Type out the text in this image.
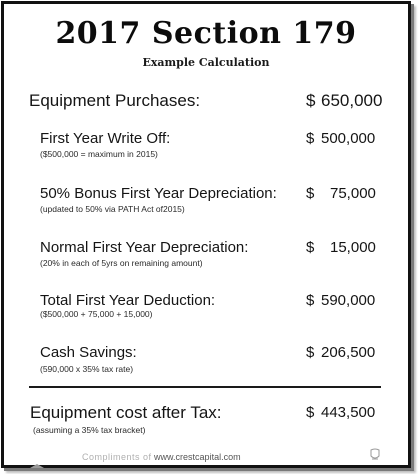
2017 Section 179
Example Calculation
Equipment Purchases:	$ 650,000
First Year Write Off:
($500,000 = maximum in 2015)
$ 500,000
50% Bonus First Year Depreciation:
(updated to 50% via PATH Act of2015)
$ 75,000
Normal First Year Depreciation:
(20% in each of 5yrs on remaining amount)
$ 15,000
Total First Year Deduction:
($500,000 + 75,000 + 15,000)
$ 590,000
Cash Savings:
(590,000 x 35% tax rate)
$ 206,500
Equipment cost after Tax:
(assuming a 35% tax bracket)
$ 443,500
Compliments of www.crestcapital.com
